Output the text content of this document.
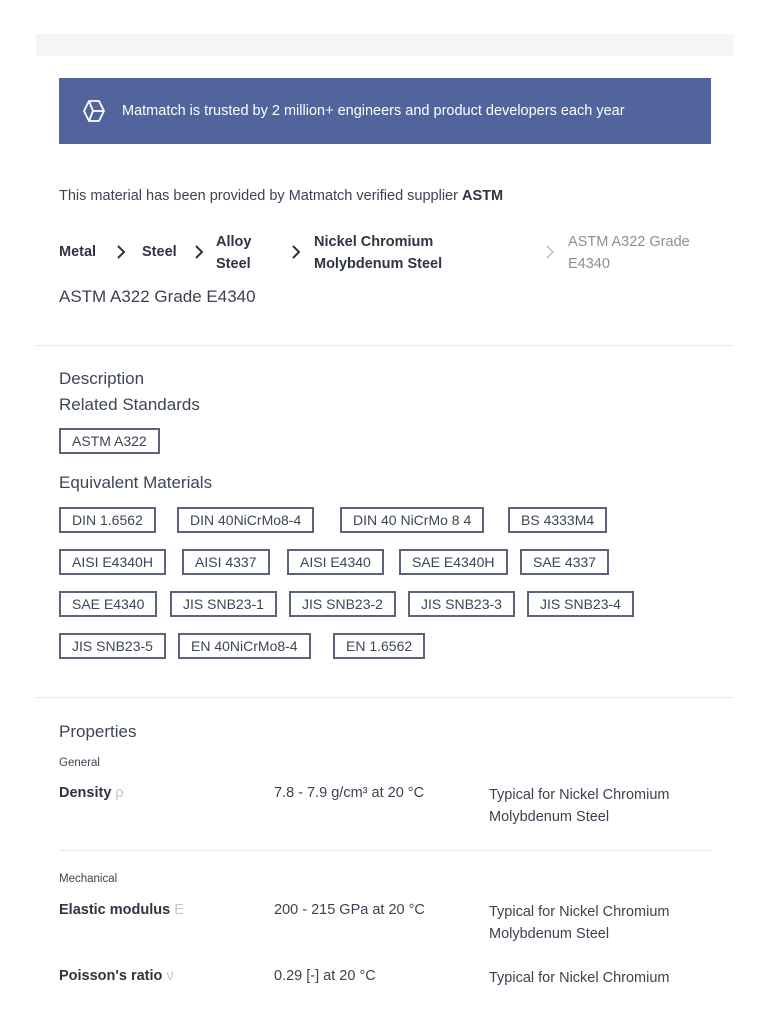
Matmatch is trusted by 2 million+ engineers and product developers each year
This material has been provided by Matmatch verified supplier ASTM
Metal	Steel
Alloy
Steel
Nickel Chromium
Molybdenum Steel
ASTM A322 Grade
E4340
ASTM A322 Grade E4340
Description
Related Standards
ASTM A322
Equivalent Materials
DIN 1.6562	DIN 40NiCrMo8-4	DIN 40 NiCrMo 8 4	BS 4333M4
AISI E4340H	AISI 4337	AISI E4340	SAE E4340H	SAE 4337
SAE E4340	JIS SNB23-1	JIS SNB23-2	JIS SNB23-3	JIS SNB23-4
JIS SNB23-5	EN 40NiCrMo8-4	EN 1.6562
Properties
General
Density ρ	7.8 - 7.9 g/cm³ at 20 °C	Typical for Nickel Chromium Molybdenum Steel
Mechanical
Elastic modulus E	200 - 215 GPa at 20 °C	Typical for Nickel Chromium Molybdenum Steel
Poisson's ratio ν	0.29 [-] at 20 °C	Typical for Nickel Chromium
